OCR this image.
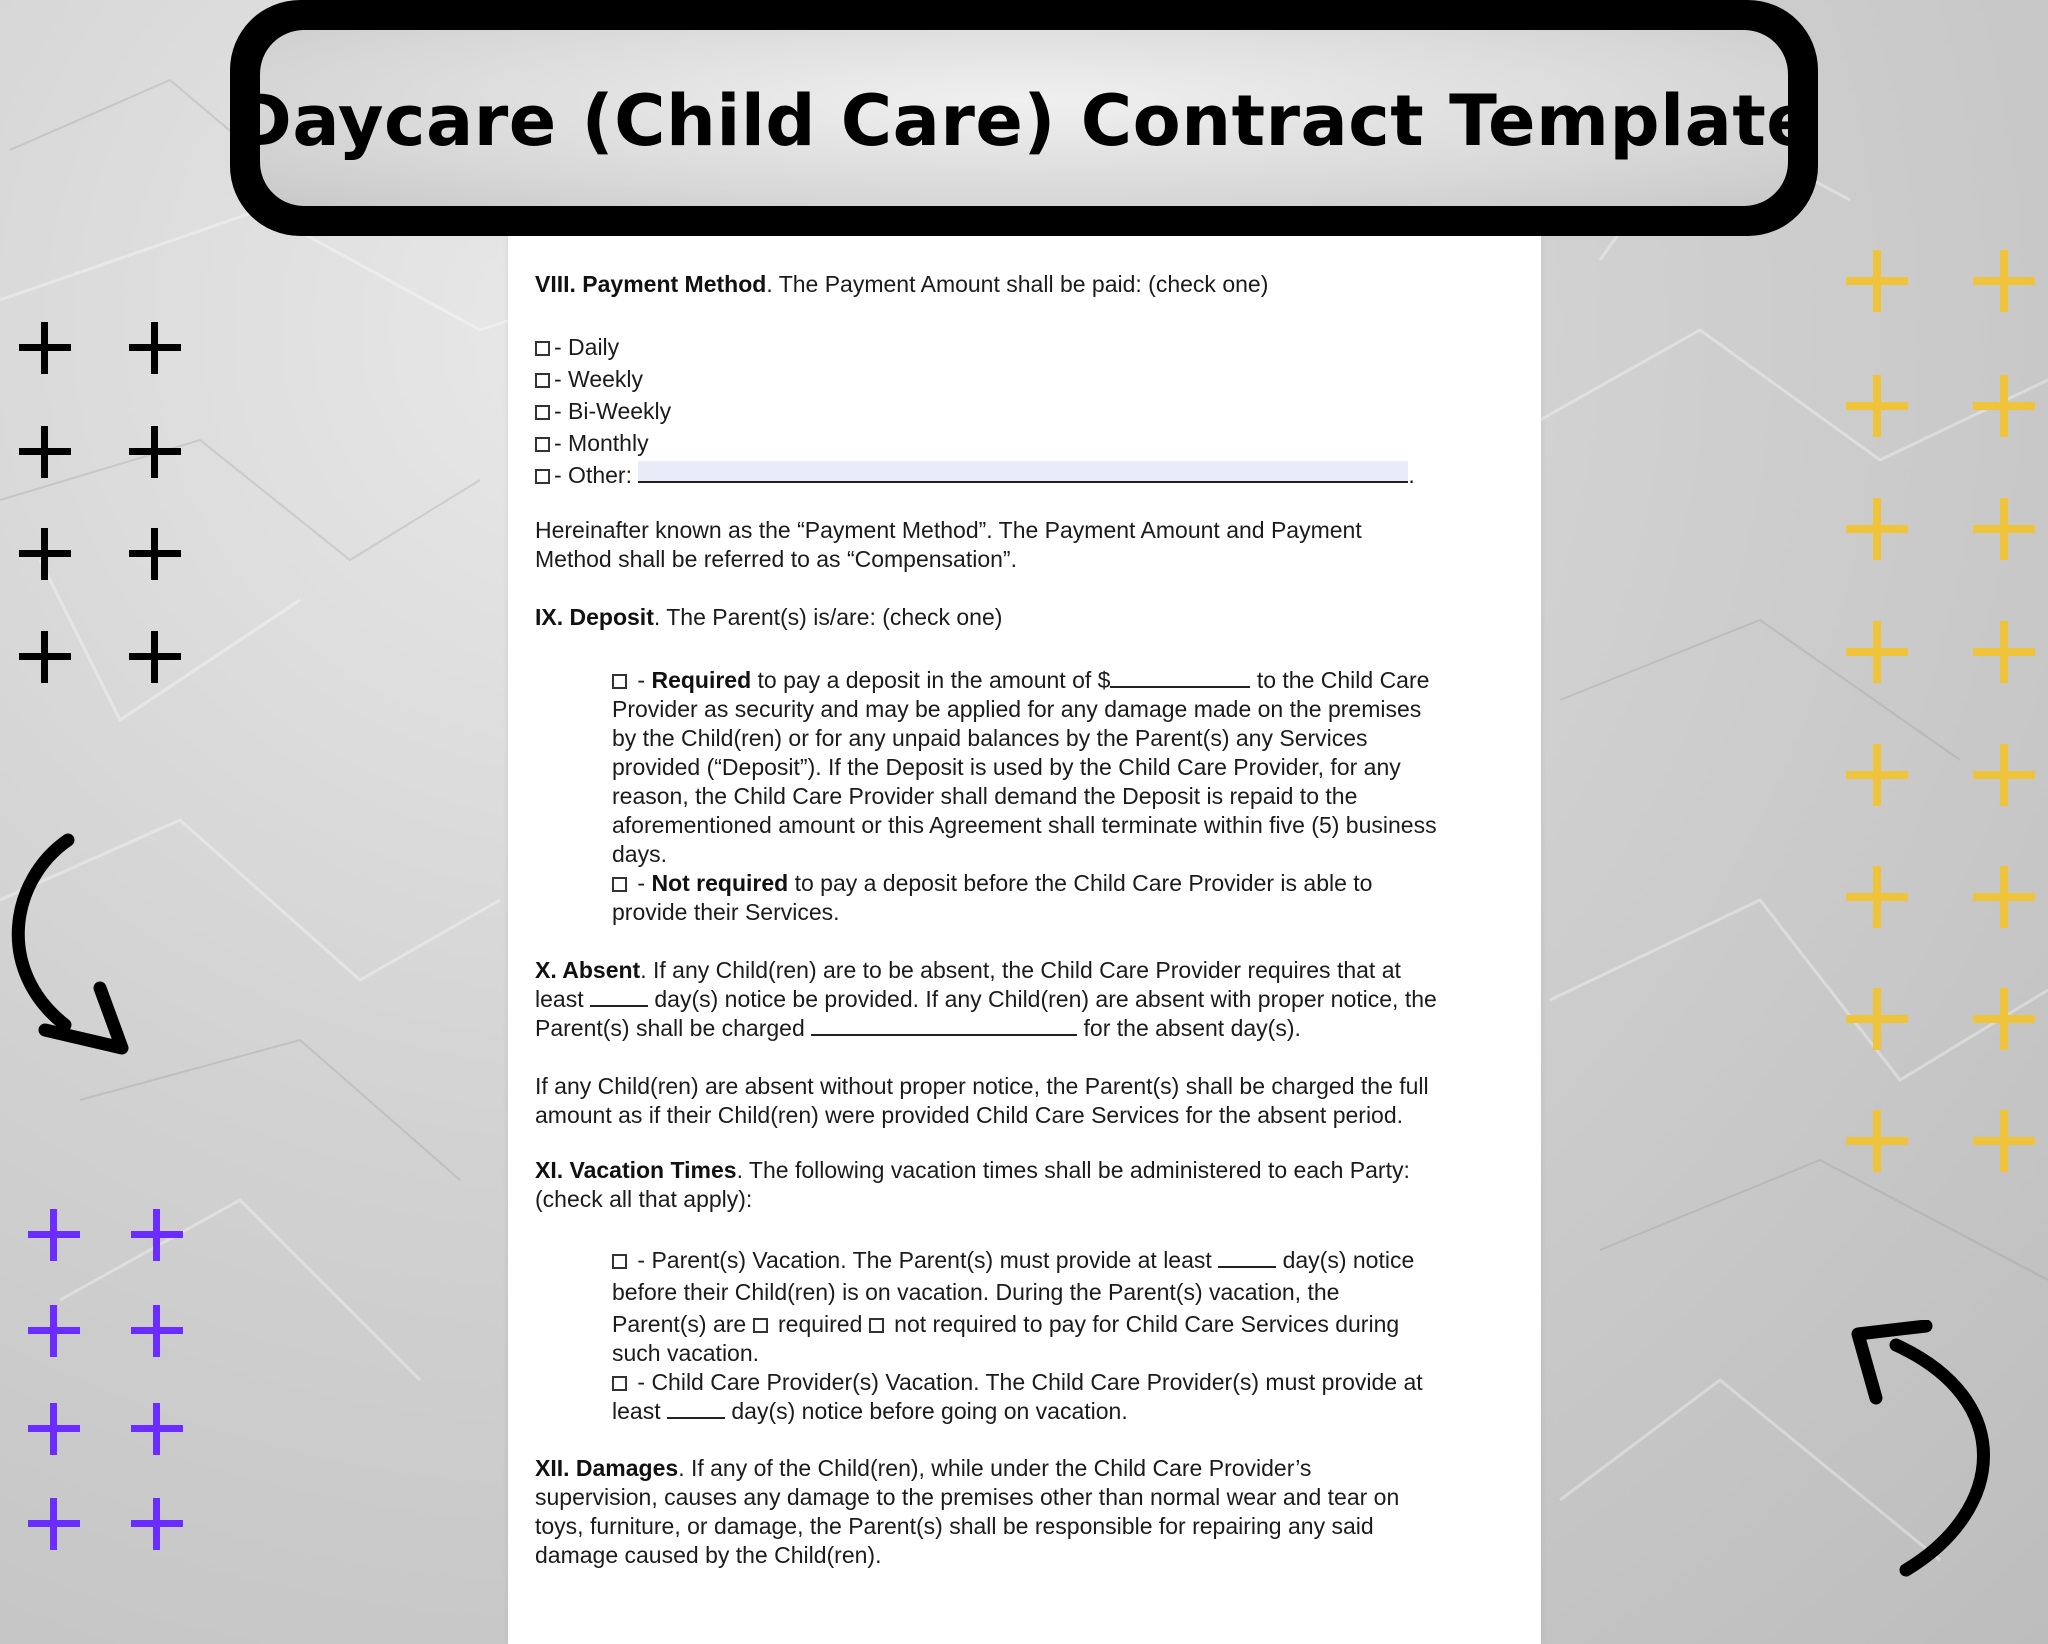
Daycare (Child Care) Contract Template

VIII. Payment Method. The Payment Amount shall be paid: (check one)

- Daily

- Weekly

- Bi-Weekly

- Monthly

- Other:	.

Hereinafter known as the “Payment Method”. The Payment Amount and Payment

Method shall be referred to as “Compensation”.

IX. Deposit. The Parent(s) is/are: (check one)

- Required to pay a deposit in the amount of $	to the Child Care

Provider as security and may be applied for any damage made on the premises

by the Child(ren) or for any unpaid balances by the Parent(s) any Services

provided (“Deposit”). If the Deposit is used by the Child Care Provider, for any

reason, the Child Care Provider shall demand the Deposit is repaid to the

aforementioned amount or this Agreement shall terminate within five (5) business

days.

- Not required to pay a deposit before the Child Care Provider is able to

provide their Services.

X. Absent. If any Child(ren) are to be absent, the Child Care Provider requires that at

least	day(s) notice be provided. If any Child(ren) are absent with proper notice, the

Parent(s) shall be charged	for the absent day(s).

If any Child(ren) are absent without proper notice, the Parent(s) shall be charged the full

amount as if their Child(ren) were provided Child Care Services for the absent period.

XI. Vacation Times. The following vacation times shall be administered to each Party:

(check all that apply):

- Parent(s) Vacation. The Parent(s) must provide at least	day(s) notice

before their Child(ren) is on vacation. During the Parent(s) vacation, the

Parent(s) are  required  not required to pay for Child Care Services during

such vacation.

- Child Care Provider(s) Vacation. The Child Care Provider(s) must provide at

least	day(s) notice before going on vacation.

XII. Damages. If any of the Child(ren), while under the Child Care Provider’s

supervision, causes any damage to the premises other than normal wear and tear on

toys, furniture, or damage, the Parent(s) shall be responsible for repairing any said

damage caused by the Child(ren).
